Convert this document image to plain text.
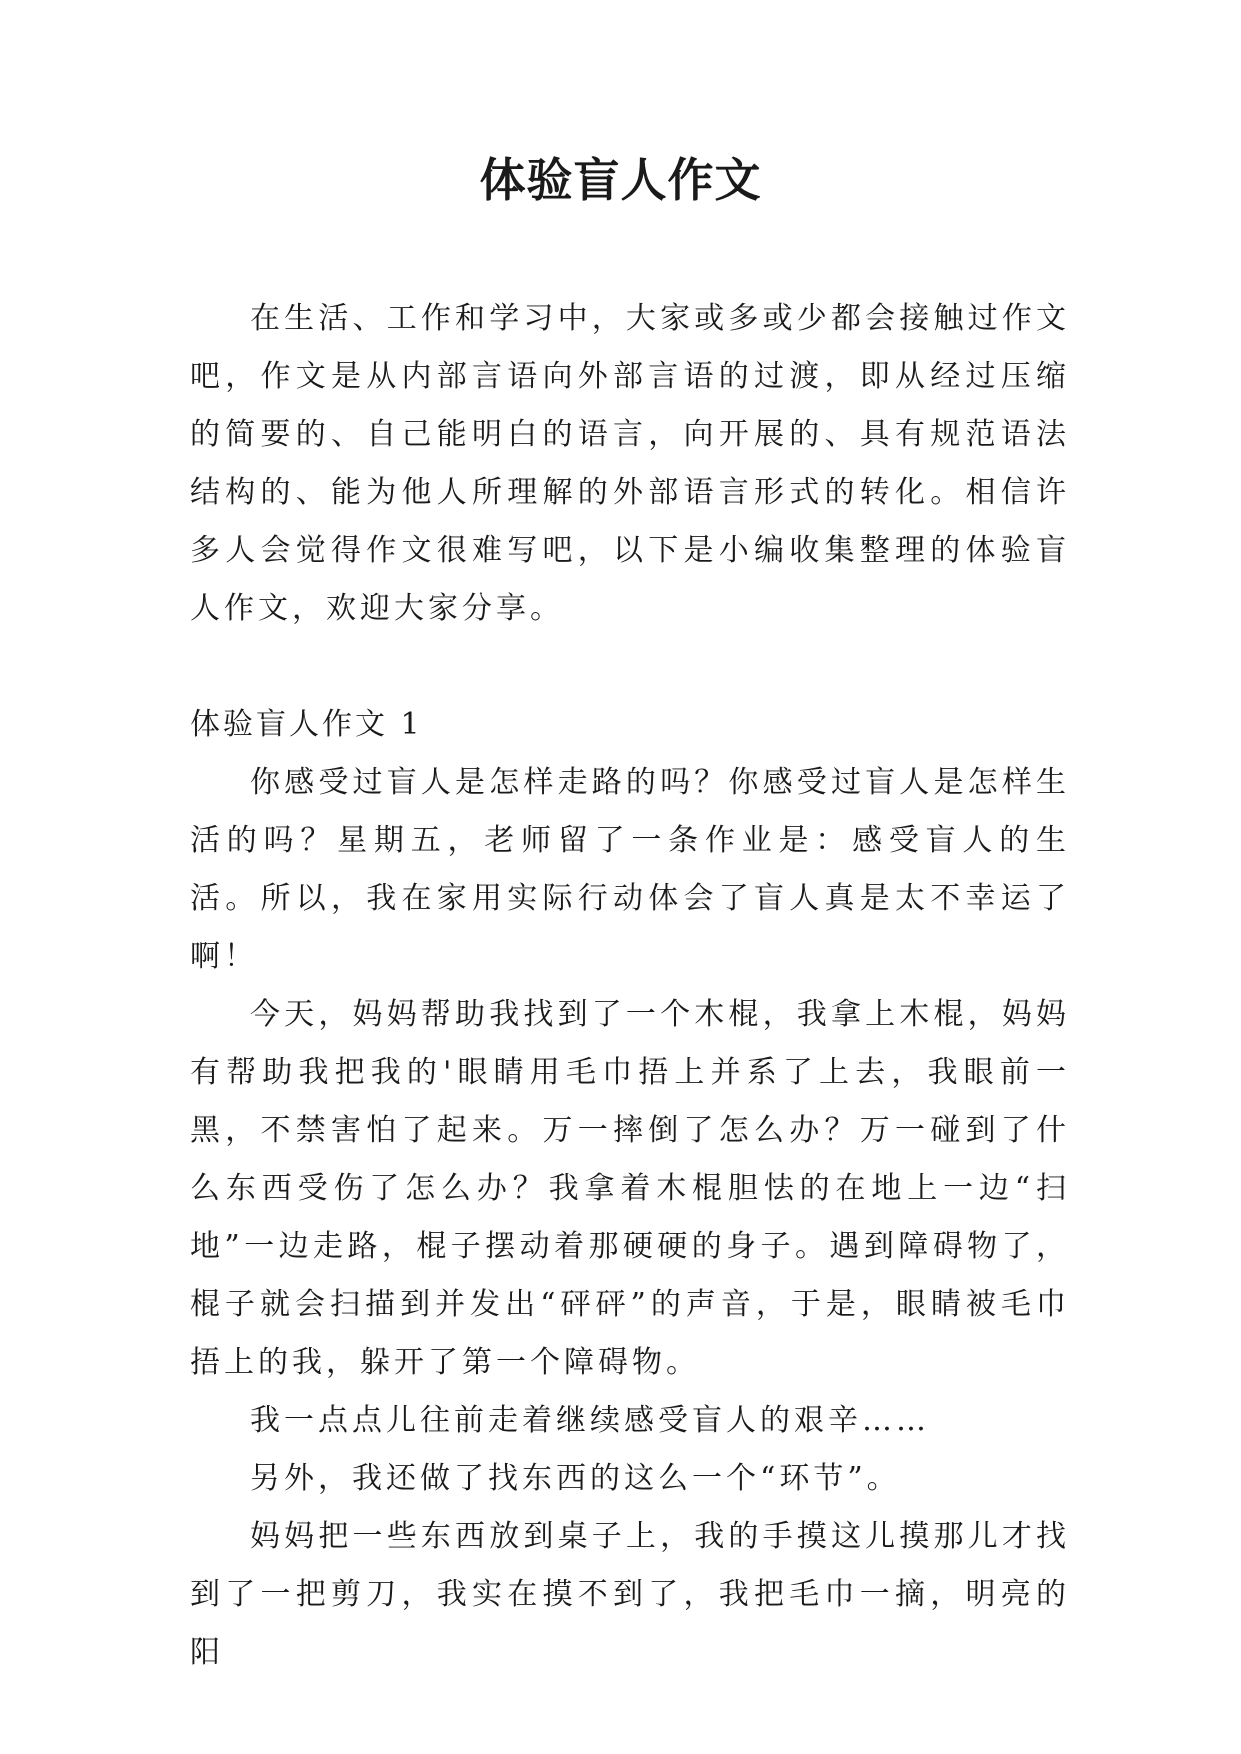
体验盲人作文

在生活、工作和学习中，大家或多或少都会接触过作文吧，作文是从内部言语向外部言语的过渡，即从经过压缩的简要的、自己能明白的语言，向开展的、具有规范语法结构的、能为他人所理解的外部语言形式的转化。相信许多人会觉得作文很难写吧，以下是小编收集整理的体验盲人作文，欢迎大家分享。

体验盲人作文 1

你感受过盲人是怎样走路的吗？你感受过盲人是怎样生活的吗？星期五，老师留了一条作业是：感受盲人的生活。所以，我在家用实际行动体会了盲人真是太不幸运了啊！

今天，妈妈帮助我找到了一个木棍，我拿上木棍，妈妈有帮助我把我的'眼睛用毛巾捂上并系了上去，我眼前一黑，不禁害怕了起来。万一摔倒了怎么办？万一碰到了什么东西受伤了怎么办？我拿着木棍胆怯的在地上一边“扫地”一边走路，棍子摆动着那硬硬的身子。遇到障碍物了，棍子就会扫描到并发出“砰砰”的声音，于是，眼睛被毛巾捂上的我，躲开了第一个障碍物。

我一点点儿往前走着继续感受盲人的艰辛……

另外，我还做了找东西的这么一个“环节”。

妈妈把一些东西放到桌子上，我的手摸这儿摸那儿才找到了一把剪刀，我实在摸不到了，我把毛巾一摘，明亮的阳
